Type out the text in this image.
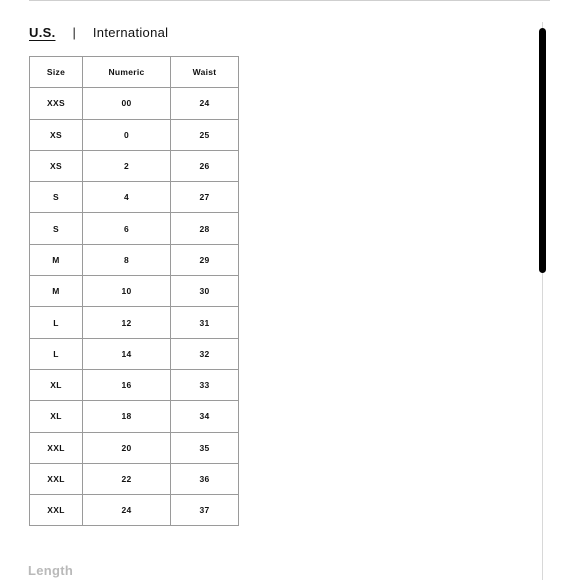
U.S. | International
Size	Numeric	Waist
XXS	00	24
XS	0	25
XS	2	26
S	4	27
S	6	28
M	8	29
M	10	30
L	12	31
L	14	32
XL	16	33
XL	18	34
XXL	20	35
XXL	22	36
XXL	24	37
Length
